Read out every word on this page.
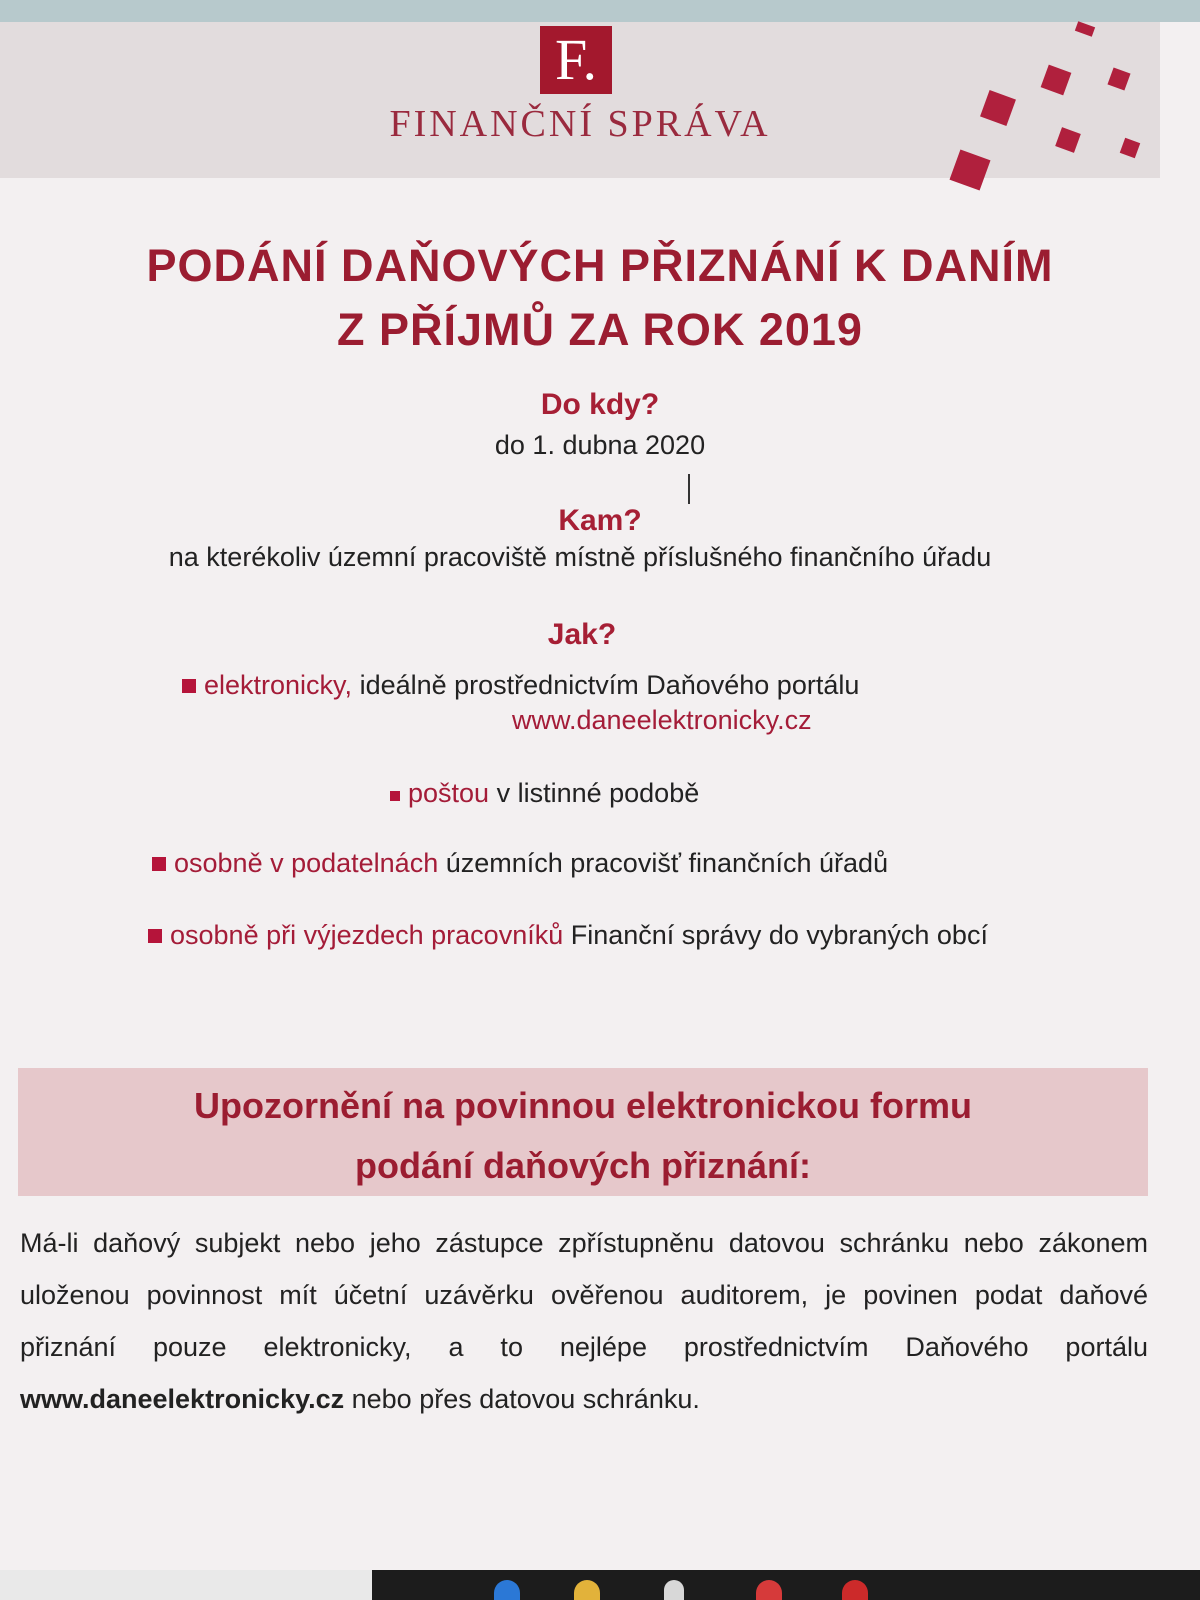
F.
FINANČNÍ SPRÁVA
PODÁNÍ DAŇOVÝCH PŘIZNÁNÍ K DANÍM
Z PŘÍJMŮ ZA ROK 2019
Do kdy?
do 1. dubna 2020
Kam?
na kterékoliv územní pracoviště místně příslušného finančního úřadu
Jak?
elektronicky, ideálně prostřednictvím Daňového portálu
www.daneelektronicky.cz
poštou v listinné podobě
osobně v podatelnách územních pracovišť finančních úřadů
osobně při výjezdech pracovníků Finanční správy do vybraných obcí
Upozornění na povinnou elektronickou formu
podání daňových přiznání:
Má-li daňový subjekt nebo jeho zástupce zpřístupněnu datovou schránku nebo zákonem uloženou povinnost mít účetní uzávěrku ověřenou auditorem, je povinen podat daňové přiznání pouze elektronicky, a to nejlépe prostřednictvím Daňového portálu www.daneelektronicky.cz nebo přes datovou schránku.
